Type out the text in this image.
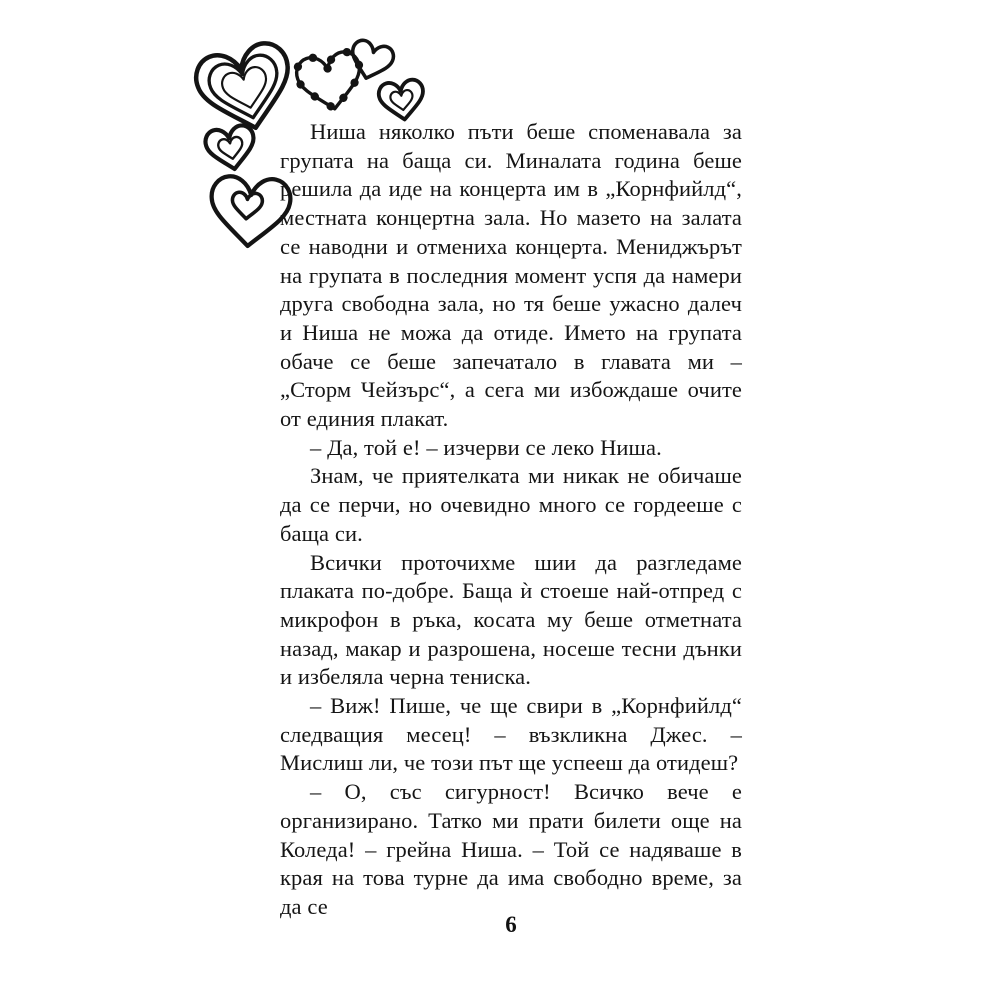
Ниша няколко пъти беше споменавала за групата на баща си. Миналата година беше решила да иде на концерта им в „Корнфийлд“, местната концертна зала. Но мазето на залата се наводни и отмениха концерта. Мениджърът на групата в последния момент успя да намери друга свободна зала, но тя беше ужасно далеч и Ниша не можа да отиде. Името на групата обаче се беше запечатало в главата ми – „Сторм Чейзърс“, а сега ми избождаше очите от единия плакат.

– Да, той е! – изчерви се леко Ниша.

Знам, че приятелката ми никак не обичаше да се перчи, но очевидно много се гордееше с баща си.

Всички проточихме шии да разгледаме плаката по-добре. Баща ѝ стоеше най-отпред с микрофон в ръка, косата му беше отметната назад, макар и разрошена, носеше тесни дънки и избеляла черна тениска.

– Виж! Пише, че ще свири в „Корнфийлд“ следващия месец! – възкликна Джес. – Мислиш ли, че този път ще успееш да отидеш?

– О, със сигурност! Всичко вече е организирано. Татко ми прати билети още на Коледа! – грейна Ниша. – Той се надяваше в края на това турне да има свободно време, за да се

6
